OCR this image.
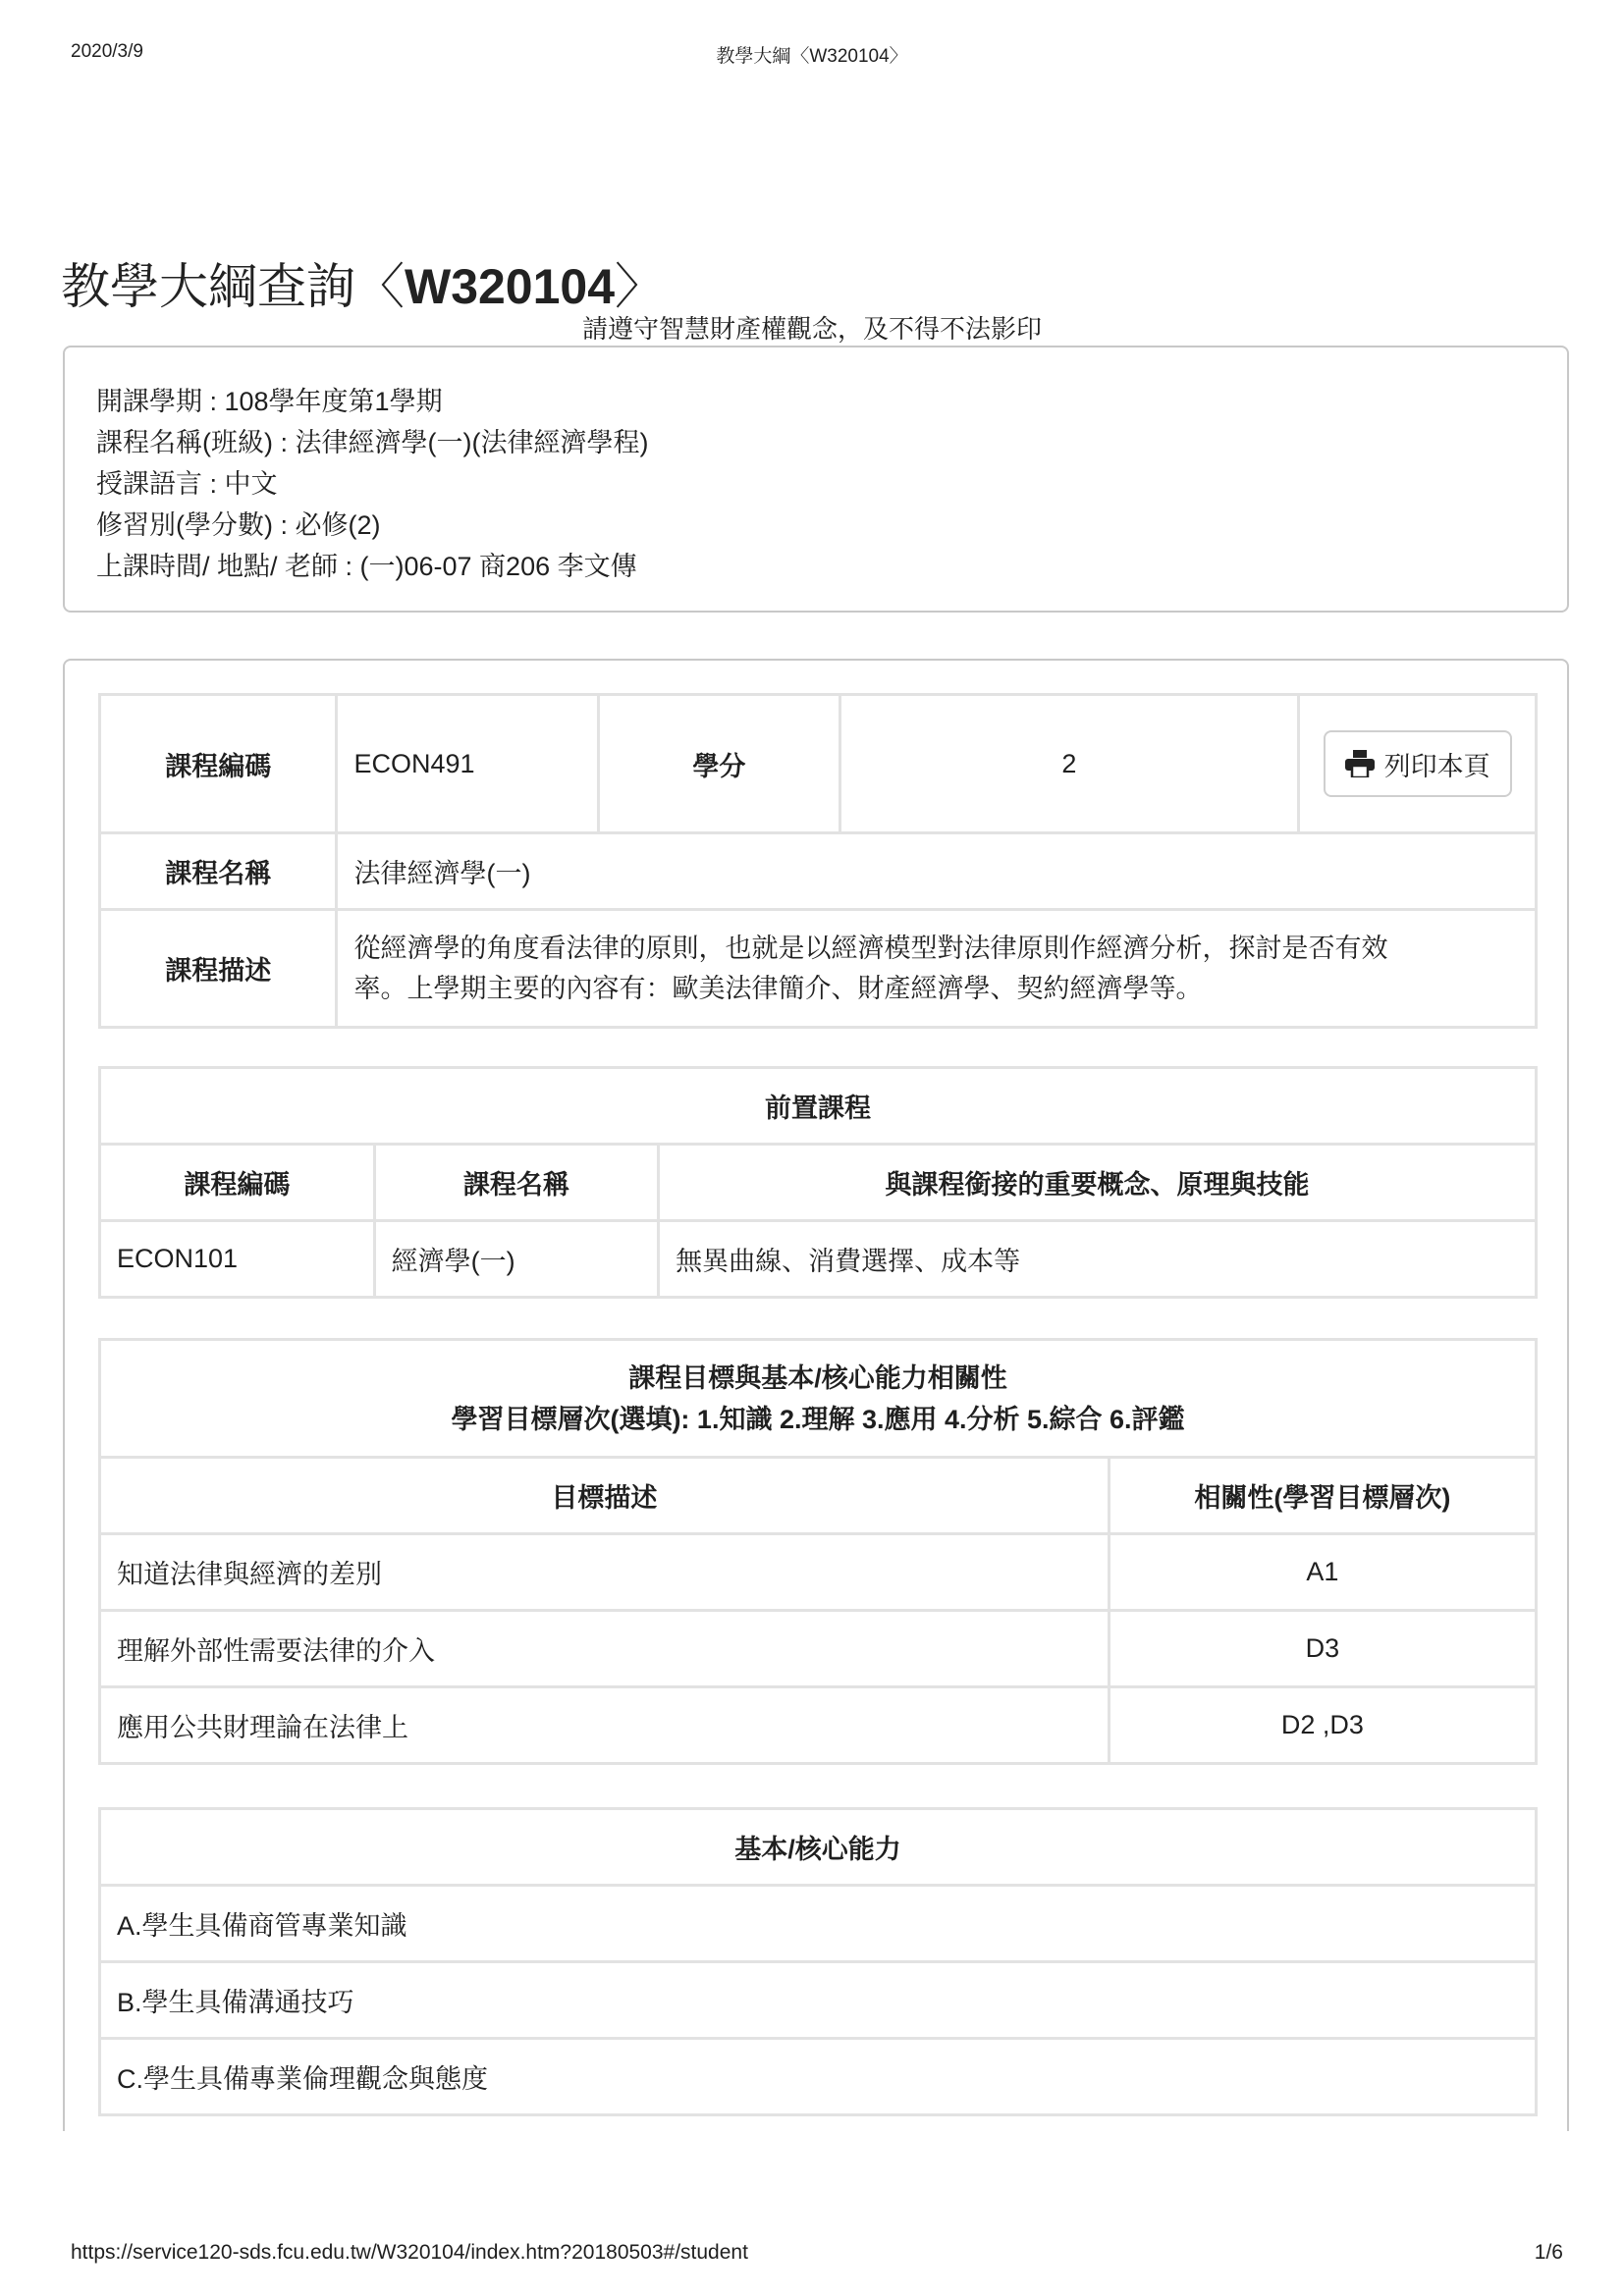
2020/3/9	教學大綱〈W320104〉
教學大綱查詢〈W320104〉
請遵守智慧財產權觀念，及不得不法影印
開課學期 : 108學年度第1學期
課程名稱(班級) : 法律經濟學(一)(法律經濟學程)
授課語言 : 中文
修習別(學分數) : 必修(2)
上課時間/ 地點/ 老師 : (一)06-07 商206 李文傳
課程編碼	ECON491	學分	2	列印本頁

課程名稱	法律經濟學(一)			
課程描述	從經濟學的角度看法律的原則，也就是以經濟模型對法律原則作經濟分析，探討是否有效
率。上學期主要的內容有：歐美法律簡介、財產經濟學、契約經濟學等。			
前置課程		
課程編碼	課程名稱	與課程銜接的重要概念、原理與技能
ECON101	經濟學(一)	無異曲線、消費選擇、成本等
課程目標與基本/核心能力相關性
學習目標層次(選填): 1.知識 2.理解 3.應用 4.分析 5.綜合 6.評鑑	

目標描述	相關性(學習目標層次)
知道法律與經濟的差別	A1
理解外部性需要法律的介入	D3
應用公共財理論在法律上	D2 ,D3
基本/核心能力
A.學生具備商管專業知識
B.學生具備溝通技巧
C.學生具備專業倫理觀念與態度
https://service120-sds.fcu.edu.tw/W320104/index.htm?20180503#/student	1/6
